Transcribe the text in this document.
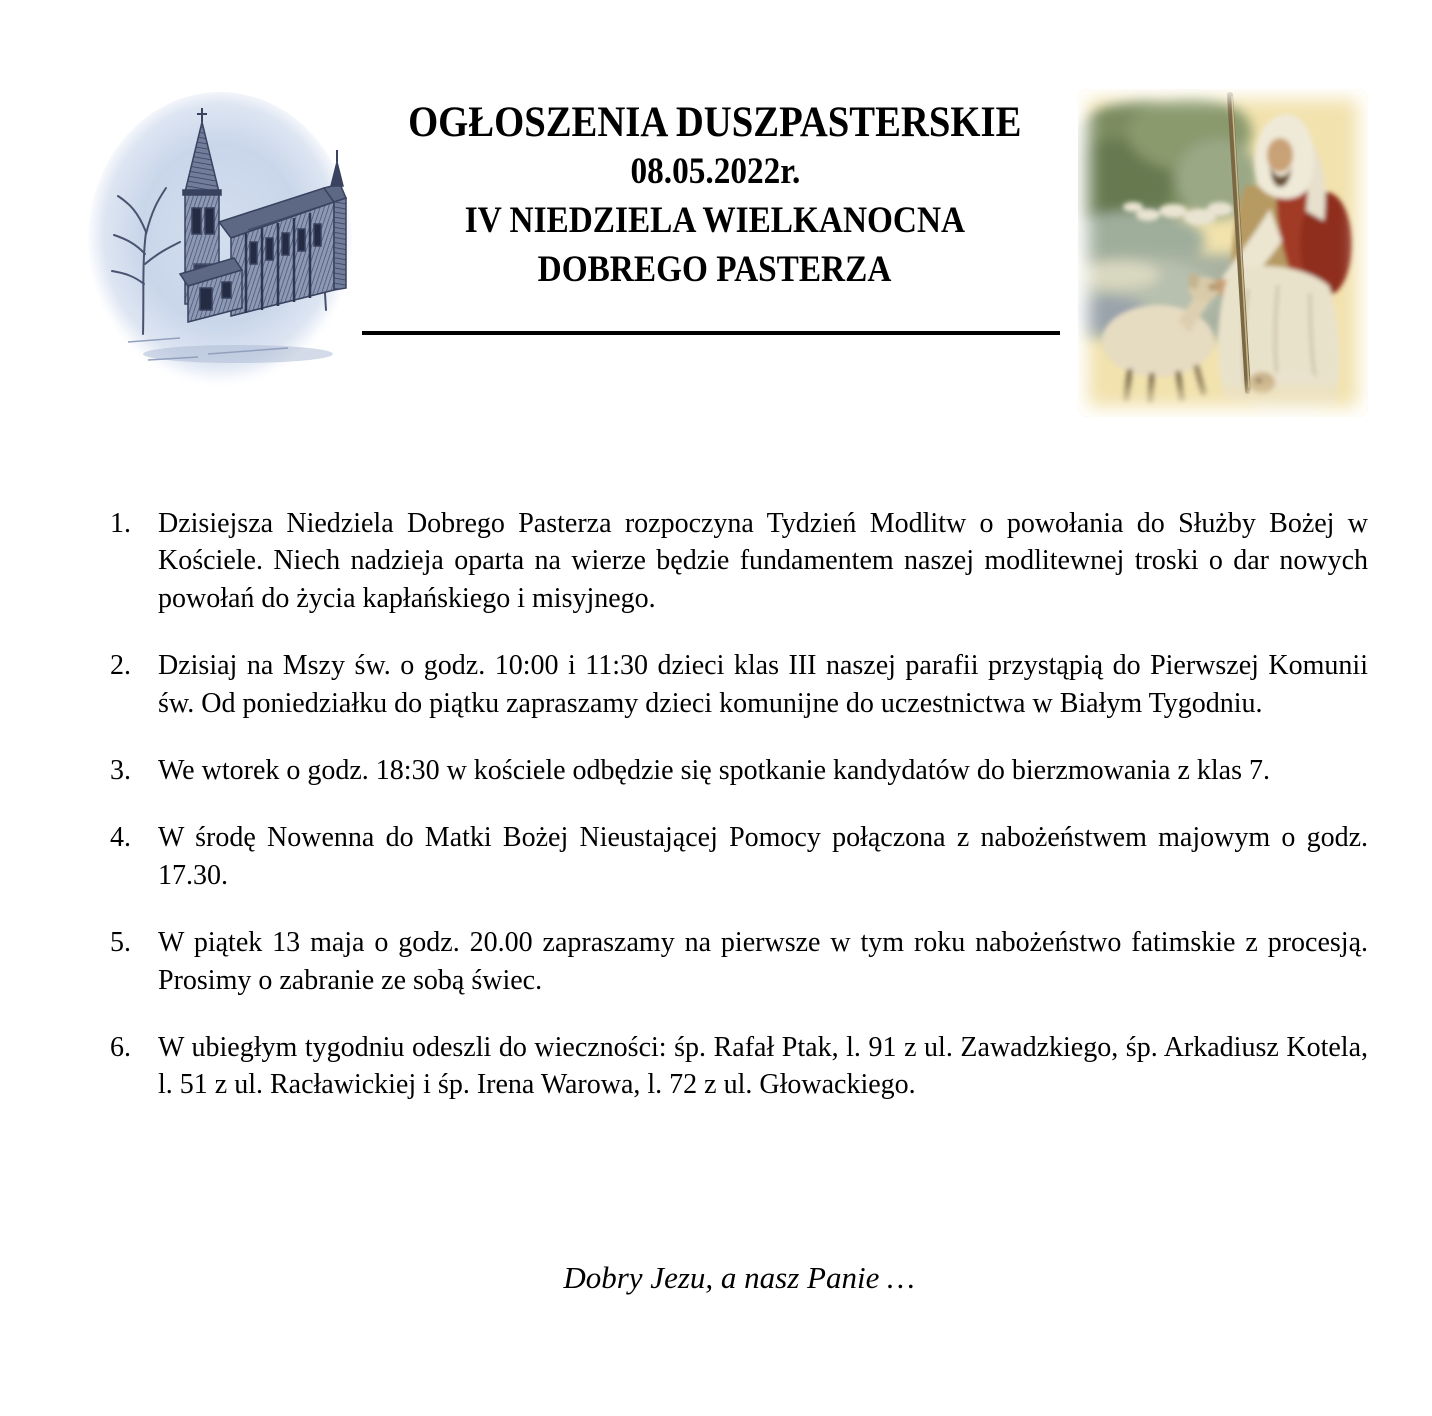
OGŁOSZENIA DUSZPASTERSKIE
08.05.2022r.
IV NIEDZIELA WIELKANOCNA
DOBREGO PASTERZA
1. Dzisiejsza Niedziela Dobrego Pasterza rozpoczyna Tydzień Modlitw o powołania do Służby Bożej w Kościele. Niech nadzieja oparta na wierze będzie fundamentem naszej modlitewnej troski o dar nowych powołań do życia kapłańskiego i misyjnego.
2. Dzisiaj na Mszy św. o godz. 10:00 i 11:30 dzieci klas III naszej parafii przystąpią do Pierwszej Komunii św. Od poniedziałku do piątku zapraszamy dzieci komunijne do uczestnictwa w Białym Tygodniu.
3. We wtorek o godz. 18:30 w kościele odbędzie się spotkanie kandydatów do bierzmowania z klas 7.
4. W środę Nowenna do Matki Bożej Nieustającej Pomocy połączona z nabożeństwem majowym o godz. 17.30.
5. W piątek 13 maja o godz. 20.00 zapraszamy na pierwsze w tym roku nabożeństwo fatimskie z procesją. Prosimy o zabranie ze sobą świec.
6. W ubiegłym tygodniu odeszli do wieczności: śp. Rafał Ptak, l. 91 z ul. Zawadzkiego, śp. Arkadiusz Kotela, l. 51 z ul. Racławickiej i śp. Irena Warowa, l. 72 z ul. Głowackiego.
Dobry Jezu, a nasz Panie …
